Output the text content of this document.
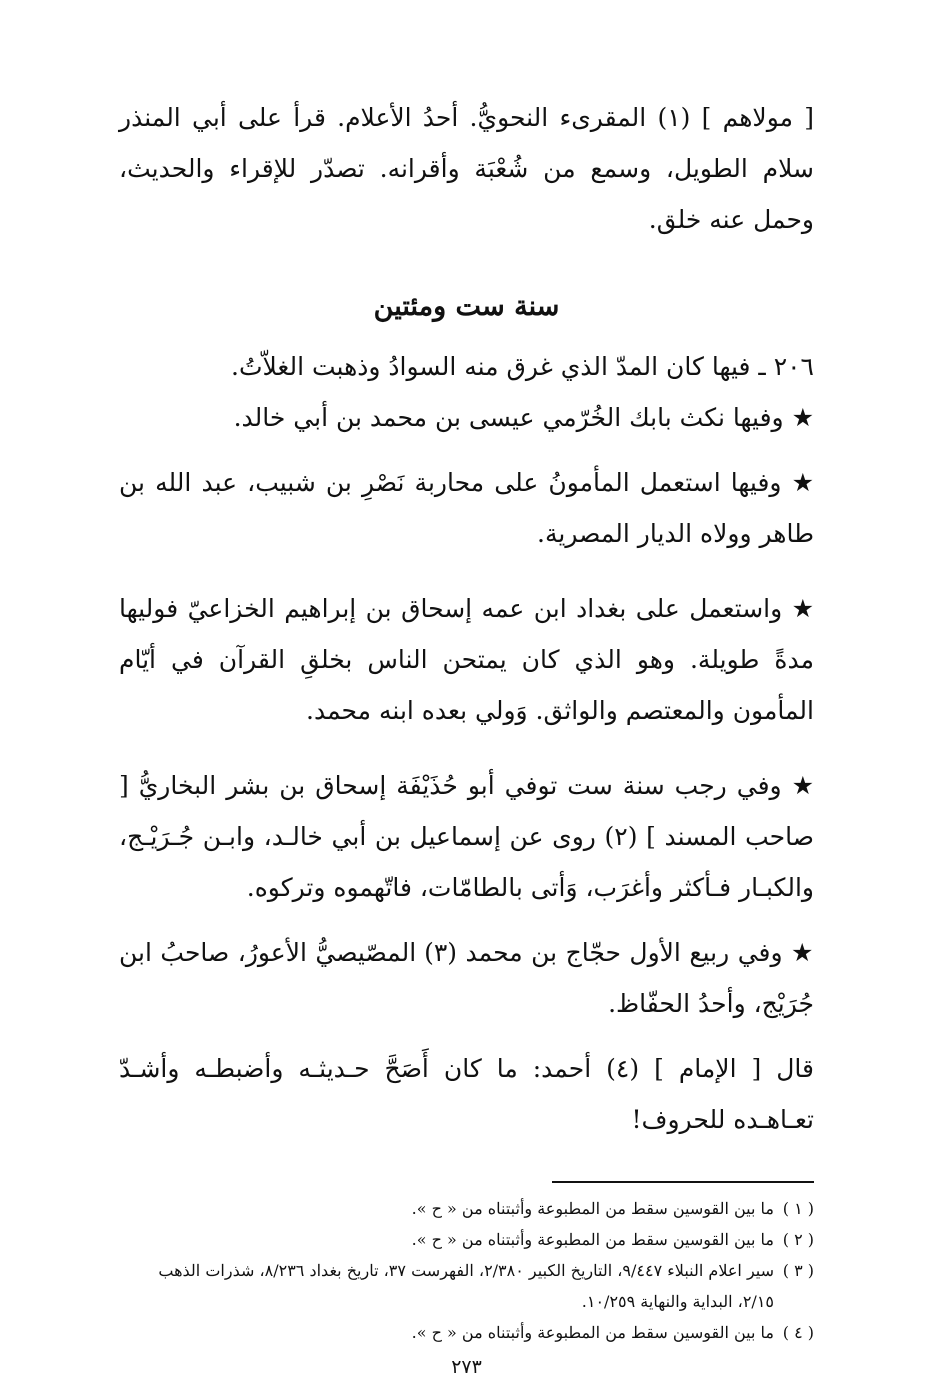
[ مولاهم ] (١) المقرىء النحويُّ. أحدُ الأعلام. قرأ على أبي المنذر سلام الطويل، وسمع من شُعْبَة وأقرانه. تصدّر للإقراء والحديث، وحمل عنه خلق.

سنة ست ومئتين

٢٠٦ ـ فيها كان المدّ الذي غرق منه السوادُ وذهبت الغلاّتُ.

★ وفيها نكث بابك الخُرّمي عيسى بن محمد بن أبي خالد.

★ وفيها استعمل المأمونُ على محاربة نَصْرِ بن شبيب، عبد الله بن طاهر وولاه الديار المصرية.

★ واستعمل على بغداد ابن عمه إسحاق بن إبراهيم الخزاعيّ فوليها مدةً طويلة. وهو الذي كان يمتحن الناس بخلقِ القرآن في أيّام المأمون والمعتصم والواثق. وَولي بعده ابنه محمد.

★ وفي رجب سنة ست توفي أبو حُذَيْفَة إسحاق بن بشر البخاريُّ [ صاحب المسند ] (٢) روى عن إسماعيل بن أبي خالـد، وابـن جُـرَيْـج، والكبـار فـأكثر وأغرَب، وَأتى بالطامّات، فاتّهموه وتركوه.

★ وفي ربيع الأول حجّاج بن محمد (٣) المصّيصيُّ الأعورُ، صاحبُ ابن جُرَيْج، وأحدُ الحفّاظ.

قال [ الإمام ] (٤) أحمد: ما كان أَصَحَّ حـديثـه وأضبطـه وأشـدّ تعـاهـده للحروف!

( ١ )
ما بين القوسين سقط من المطبوعة وأثبتناه من « ح ».
( ٢ )
ما بين القوسين سقط من المطبوعة وأثبتناه من « ح ».
( ٣ )
سير اعلام النبلاء ٩/٤٤٧، التاريخ الكبير ٢/٣٨٠، الفهرست ٣٧، تاريخ بغداد ٨/٢٣٦، شذرات الذهب ٢/١٥، البداية والنهاية ١٠/٢٥٩.
( ٤ )
ما بين القوسين سقط من المطبوعة وأثبتناه من « ح ».
٢٧٣
